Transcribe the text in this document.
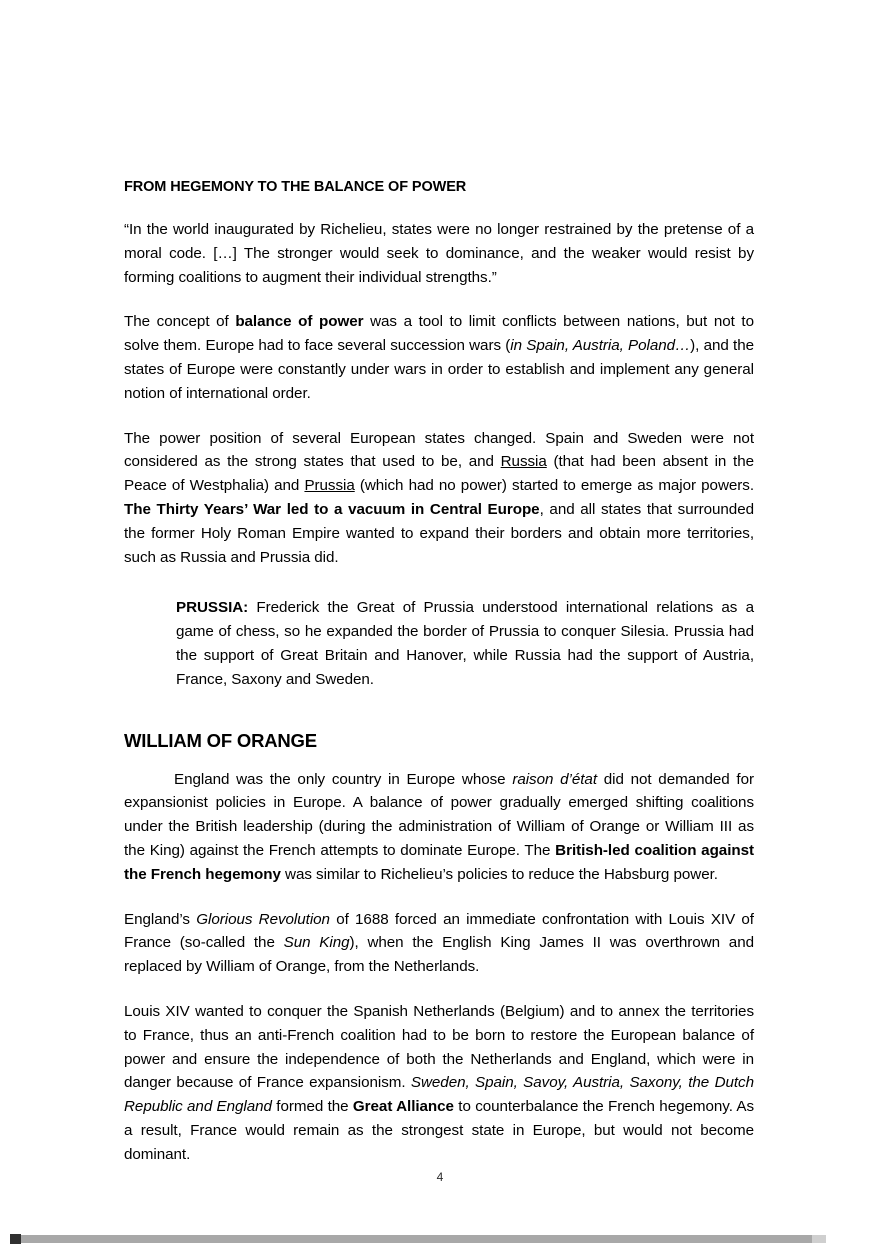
FROM HEGEMONY TO THE BALANCE OF POWER

“In the world inaugurated by Richelieu, states were no longer restrained by the pretense of a moral code. […] The stronger would seek to dominance, and the weaker would resist by forming coalitions to augment their individual strengths.”

The concept of balance of power was a tool to limit conflicts between nations, but not to solve them. Europe had to face several succession wars (in Spain, Austria, Poland…), and the states of Europe were constantly under wars in order to establish and implement any general notion of international order.

The power position of several European states changed. Spain and Sweden were not considered as the strong states that used to be, and Russia (that had been absent in the Peace of Westphalia) and Prussia (which had no power) started to emerge as major powers. The Thirty Years’ War led to a vacuum in Central Europe, and all states that surrounded the former Holy Roman Empire wanted to expand their borders and obtain more territories, such as Russia and Prussia did.

PRUSSIA: Frederick the Great of Prussia understood international relations as a game of chess, so he expanded the border of Prussia to conquer Silesia. Prussia had the support of Great Britain and Hanover, while Russia had the support of Austria, France, Saxony and Sweden.

WILLIAM OF ORANGE

England was the only country in Europe whose raison d’état did not demanded for expansionist policies in Europe. A balance of power gradually emerged shifting coalitions under the British leadership (during the administration of William of Orange or William III as the King) against the French attempts to dominate Europe. The British-led coalition against the French hegemony was similar to Richelieu’s policies to reduce the Habsburg power.

England’s Glorious Revolution of 1688 forced an immediate confrontation with Louis XIV of France (so-called the Sun King), when the English King James II was overthrown and replaced by William of Orange, from the Netherlands.

Louis XIV wanted to conquer the Spanish Netherlands (Belgium) and to annex the territories to France, thus an anti-French coalition had to be born to restore the European balance of power and ensure the independence of both the Netherlands and England, which were in danger because of France expansionism. Sweden, Spain, Savoy, Austria, Saxony, the Dutch Republic and England formed the Great Alliance to counterbalance the French hegemony. As a result, France would remain as the strongest state in Europe, but would not become dominant.

4
